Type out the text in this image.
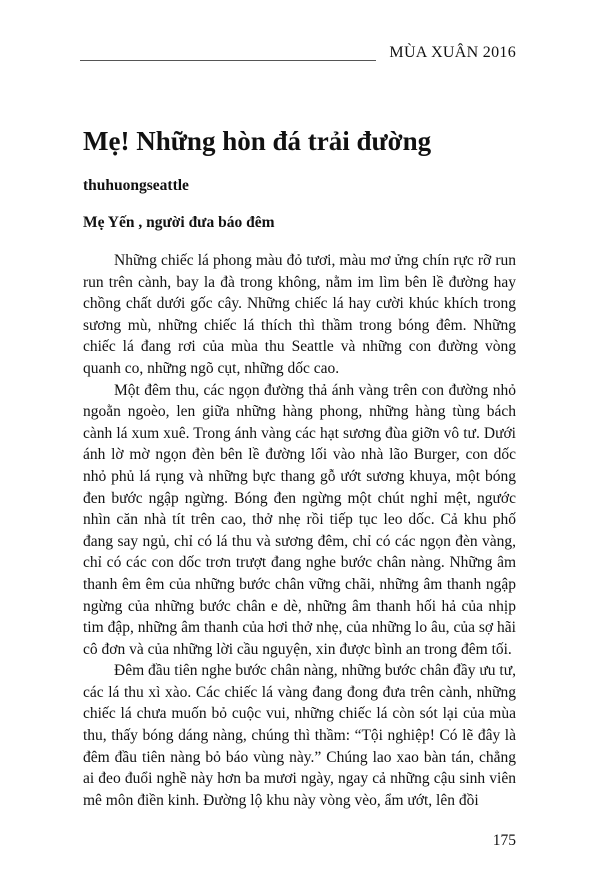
MÙA XUÂN 2016
Mẹ! Những hòn đá trải đường
thuhuongseattle
Mẹ Yến , người đưa báo đêm

Những chiếc lá phong màu đỏ tươi, màu mơ ửng chín rực rỡ run run trên cành, bay la đà trong không, nằm im lìm bên lề đường hay chồng chất dưới gốc cây. Những chiếc lá hay cười khúc khích trong sương mù, những chiếc lá thích thì thầm trong bóng đêm. Những chiếc lá đang rơi của mùa thu Seattle và những con đường vòng quanh co, những ngõ cụt, những dốc cao.

Một đêm thu, các ngọn đường thả ánh vàng trên con đường nhỏ ngoằn ngoèo, len giữa những hàng phong, những hàng tùng bách cành lá xum xuê. Trong ánh vàng các hạt sương đùa giỡn vô tư. Dưới ánh lờ mờ ngọn đèn bên lề đường lối vào nhà lão Burger, con dốc nhỏ phủ lá rụng và những bực thang gỗ ướt sương khuya, một bóng đen bước ngập ngừng. Bóng đen ngừng một chút nghỉ mệt, ngước nhìn căn nhà tít trên cao, thở nhẹ rồi tiếp tục leo dốc. Cả khu phố đang say ngủ, chỉ có lá thu và sương đêm, chỉ có các ngọn đèn vàng, chỉ có các con dốc trơn trượt đang nghe bước chân nàng. Những âm thanh êm êm của những bước chân vững chãi, những âm thanh ngập ngừng của những bước chân e dè, những âm thanh hối hả của nhịp tim đập, những âm thanh của hơi thở nhẹ, của những lo âu, của sợ hãi cô đơn và của những lời cầu nguyện, xin được bình an trong đêm tối.

Đêm đầu tiên nghe bước chân nàng, những bước chân đầy ưu tư, các lá thu xì xào. Các chiếc lá vàng đang đong đưa trên cành, những chiếc lá chưa muốn bỏ cuộc vui, những chiếc lá còn sót lại của mùa thu, thấy bóng dáng nàng, chúng thì thầm: “Tội nghiệp! Có lẽ đây là đêm đầu tiên nàng bỏ báo vùng này.” Chúng lao xao bàn tán, chẳng ai đeo đuổi nghề này hơn ba mươi ngày, ngay cả những cậu sinh viên mê môn điền kinh. Đường lộ khu này vòng vèo, ẩm ướt, lên đồi

175
